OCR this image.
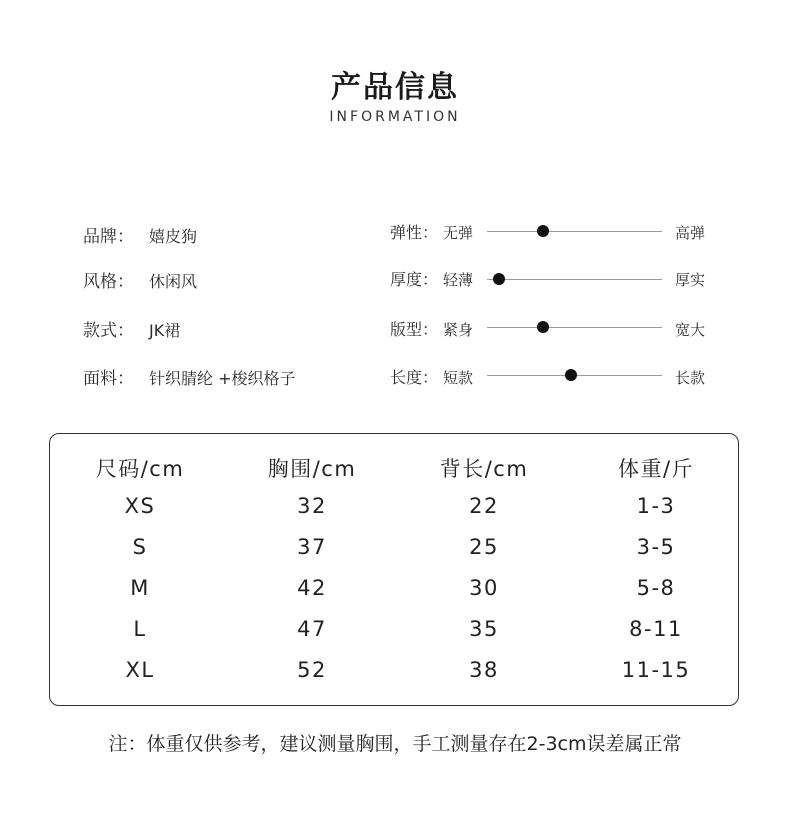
产品信息
INFORMATION
品牌： 嬉皮狗
风格： 休闲风
款式： JK裙
面料： 针织腈纶 +梭织格子
弹性： 无弹	高弹
厚度： 轻薄	厚实
版型： 紧身	宽大
长度： 短款	长款
尺码/cm	胸围/cm	背长/cm	体重/斤
XS	32	22	1-3
S	37	25	3-5
M	42	30	5-8
L	47	35	8-11
XL	52	38	11-15
注：体重仅供参考，建议测量胸围，手工测量存在2-3cm误差属正常
